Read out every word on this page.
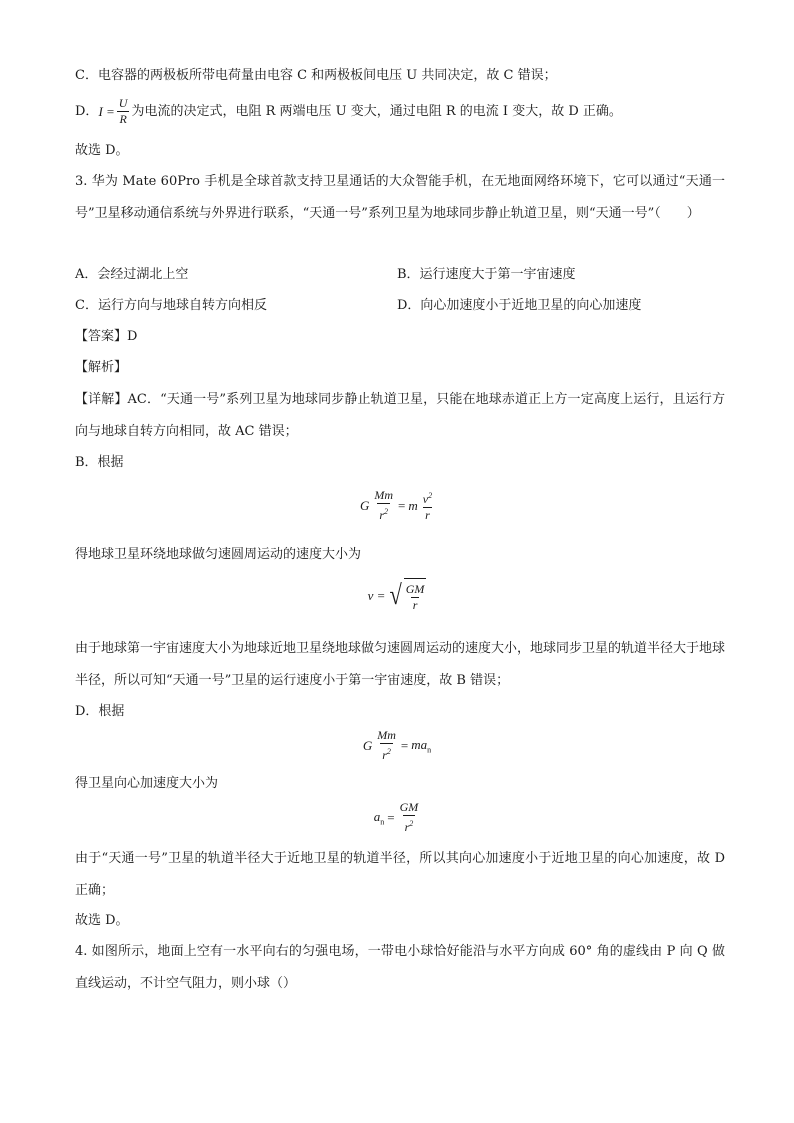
C．电容器的两极板所带电荷量由电容 C 和两极板间电压 U 共同决定，故 C 错误；
D． $I = \frac{U}{R}$ 为电流的决定式，电阻 R 两端电压 U 变大，通过电阻 R 的电流 I 变大，故 D 正确。
故选 D。
3. 华为 Mate 60Pro 手机是全球首款支持卫星通话的大众智能手机，在无地面网络环境下，它可以通过“天通一号”卫星移动通信系统与外界进行联系，“天通一号”系列卫星为地球同步静止轨道卫星，则“天通一号”（　　）
A．会经过湖北上空	B．运行速度大于第一宇宙速度
C．运行方向与地球自转方向相反	D．向心加速度小于近地卫星的向心加速度
【答案】D
【解析】
【详解】AC．“天通一号”系列卫星为地球同步静止轨道卫星，只能在地球赤道正上方一定高度上运行，且运行方向与地球自转方向相同，故 AC 错误；
B．根据
G $\frac{Mm}{r^2} = m \frac{v^2}{r}$
得地球卫星环绕地球做匀速圆周运动的速度大小为
v = √ $\frac{GM}{r}$
由于地球第一宇宙速度大小为地球近地卫星绕地球做匀速圆周运动的速度大小，地球同步卫星的轨道半径大于地球半径，所以可知“天通一号”卫星的运行速度小于第一宇宙速度，故 B 错误；
D．根据
G $\frac{Mm}{r^2} = ma_n$
得卫星向心加速度大小为
$a_n = \frac{GM}{r^2}$
由于“天通一号”卫星的轨道半径大于近地卫星的轨道半径，所以其向心加速度小于近地卫星的向心加速度，故 D 正确；
故选 D。
4. 如图所示，地面上空有一水平向右的匀强电场，一带电小球恰好能沿与水平方向成 60° 角的虚线由 P 向 Q 做直线运动，不计空气阻力，则小球（）
